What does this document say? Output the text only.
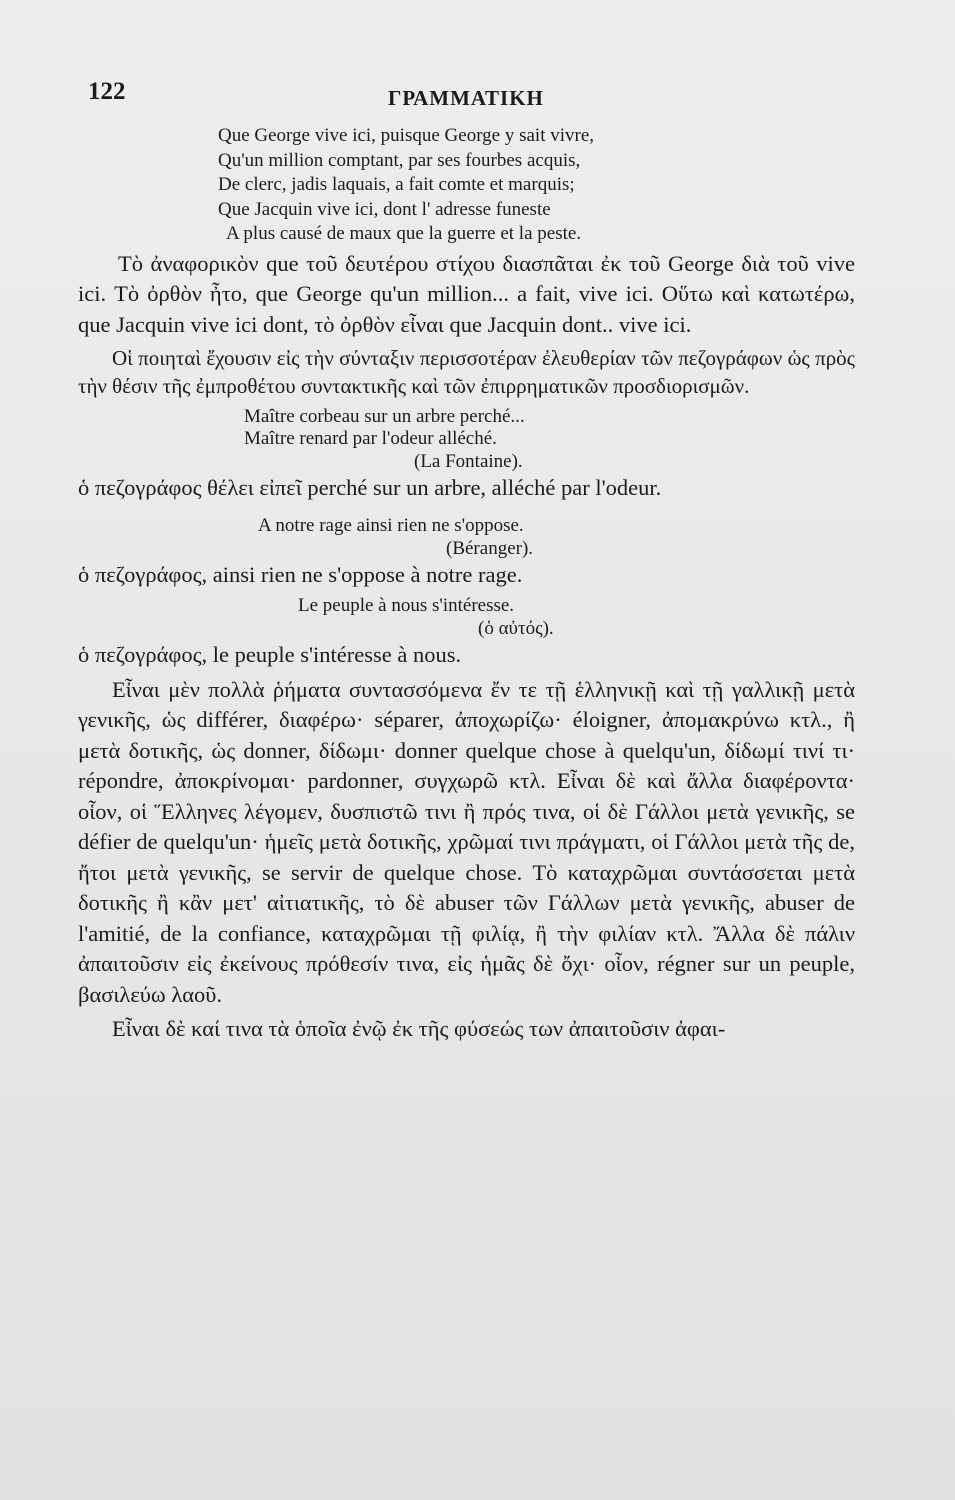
122	ΓΡΑΜΜΑΤΙΚΗ
Que George vive ici, puisque George y sait vivre,
Qu'un million comptant, par ses fourbes acquis,
De clerc, jadis laquais, a fait comte et marquis;
Que Jacquin vive ici, dont l' adresse funeste
A plus causé de maux que la guerre et la peste.

Τὸ ἀναφορικὸν que τοῦ δευτέρου στίχου διασπᾶται ἐκ τοῦ George διὰ τοῦ vive ici. Τὸ ὀρθὸν ἦτο, que George qu'un million... a fait, vive ici. Οὕτω καὶ κατωτέρω, que Jacquin vive ici dont, τὸ ὀρθὸν εἶναι que Jacquin dont.. vive ici.

Οἱ ποιηταὶ ἔχουσιν εἰς τὴν σύνταξιν περισσοτέραν ἐλευθερίαν τῶν πεζογράφων ὡς πρὸς τὴν θέσιν τῆς ἐμπροθέτου συντακτικῆς καὶ τῶν ἐπιρρηματικῶν προσδιορισμῶν.

Maître corbeau sur un arbre perché...
Maître renard par l'odeur alléché.
(La Fontaine).

ὁ πεζογράφος θέλει εἰπεῖ perché sur un arbre, alléché par l'odeur.

A notre rage ainsi rien ne s'oppose.
(Béranger).

ὁ πεζογράφος, ainsi rien ne s'oppose à notre rage.

Le peuple à nous s'intéresse.
(ὁ αὐτός).

ὁ πεζογράφος, le peuple s'intéresse à nous.

Εἶναι μὲν πολλὰ ῥήματα συντασσόμενα ἔν τε τῇ ἑλληνικῇ καὶ τῇ γαλλικῇ μετὰ γενικῆς, ὡς différer, διαφέρω· séparer, ἀποχωρίζω· éloigner, ἀπομακρύνω κτλ., ἢ μετὰ δοτικῆς, ὡς donner, δίδωμι· donner quelque chose à quelqu'un, δίδωμί τινί τι· répondre, ἀποκρίνομαι· pardonner, συγχωρῶ κτλ. Εἶναι δὲ καὶ ἄλλα διαφέροντα· οἷον, οἱ Ἕλληνες λέγομεν, δυσπιστῶ τινι ἢ πρός τινα, οἱ δὲ Γάλλοι μετὰ γενικῆς, se défier de quelqu'un· ἡμεῖς μετὰ δοτικῆς, χρῶμαί τινι πράγματι, οἱ Γάλλοι μετὰ τῆς de, ἤτοι μετὰ γενικῆς, se servir de quelque chose. Τὸ καταχρῶμαι συντάσσεται μετὰ δοτικῆς ἢ κἂν μετ' αἰτιατικῆς, τὸ δὲ abuser τῶν Γάλλων μετὰ γενικῆς, abuser de l'amitié, de la confiance, καταχρῶμαι τῇ φιλίᾳ, ἢ τὴν φιλίαν κτλ. Ἄλλα δὲ πάλιν ἀπαιτοῦσιν εἰς ἐκείνους πρόθεσίν τινα, εἰς ἡμᾶς δὲ ὄχι· οἷον, régner sur un peuple, βασιλεύω λαοῦ.

Εἶναι δὲ καί τινα τὰ ὁποῖα ἐνῷ ἐκ τῆς φύσεώς των ἀπαιτοῦσιν ἀφαι-
